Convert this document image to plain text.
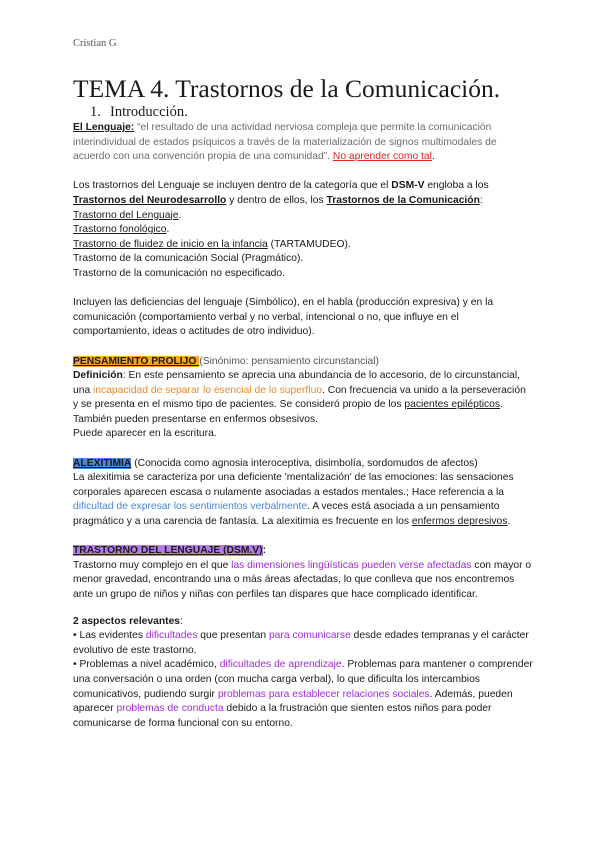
Cristian G
TEMA 4. Trastornos de la Comunicación.
1. Introducción.

El Lenguaje: “el resultado de una actividad nerviosa compleja que permite la comunicación interindividual de estados psíquicos a través de la materialización de signos multimodales de acuerdo con una convención propia de una comunidad”. No aprender como tal.

Los trastornos del Lenguaje se incluyen dentro de la categoría que el DSM-V engloba a los Trastornos del Neurodesarrollo y dentro de ellos, los Trastornos de la Comunicación:

Trastorno del Lenguaje.

Trastorno fonológico.

Trastorno de fluidez de inicio en la infancia (TARTAMUDEO).

Trastorno de la comunicación Social (Pragmático).

Trastorno de la comunicación no especificado.

Incluyen las deficiencias del lenguaje (Simbólico), en el habla (producción expresiva) y en la comunicación (comportamiento verbal y no verbal, intencional o no, que influye en el comportamiento, ideas o actitudes de otro individuo).

PENSAMIENTO PROLIJO (Sinónimo: pensamiento circunstancial)

Definición: En este pensamiento se aprecia una abundancia de lo accesorio, de lo circunstancial, una incapacidad de separar lo esencial de lo superfluo. Con frecuencia va unido a la perseveración y se presenta en el mismo tipo de pacientes. Se consideró propio de los pacientes epilépticos. También pueden presentarse en enfermos obsesivos.

Puede aparecer en la escritura.

ALEXITIMIA (Conocida como agnosia interoceptiva, disimbolía, sordomudos de afectos)

La alexitimia se caracteriza por una deficiente 'mentalización' de las emociones: las sensaciones corporales aparecen escasa o nulamente asociadas a estados mentales.; Hace referencia a la dificultad de expresar los sentimientos verbalmente. A veces está asociada a un pensamiento pragmático y a una carencia de fantasía. La alexitimia es frecuente en los enfermos depresivos.

TRASTORNO DEL LENGUAJE (DSM.V):

Trastorno muy complejo en el que las dimensiones lingüísticas pueden verse afectadas con mayor o menor gravedad, encontrando una o más áreas afectadas, lo que conlleva que nos encontremos ante un grupo de niños y niñas con perfiles tan dispares que hace complicado identificar.

2 aspectos relevantes:

• Las evidentes dificultades que presentan para comunicarse desde edades tempranas y el carácter evolutivo de este trastorno.

• Problemas a nivel académico, dificultades de aprendizaje. Problemas para mantener o comprender una conversación o una orden (con mucha carga verbal), lo que dificulta los intercambios comunicativos, pudiendo surgir problemas para establecer relaciones sociales. Además, pueden aparecer problemas de conducta debido a la frustración que sienten estos niños para poder comunicarse de forma funcional con su entorno.
